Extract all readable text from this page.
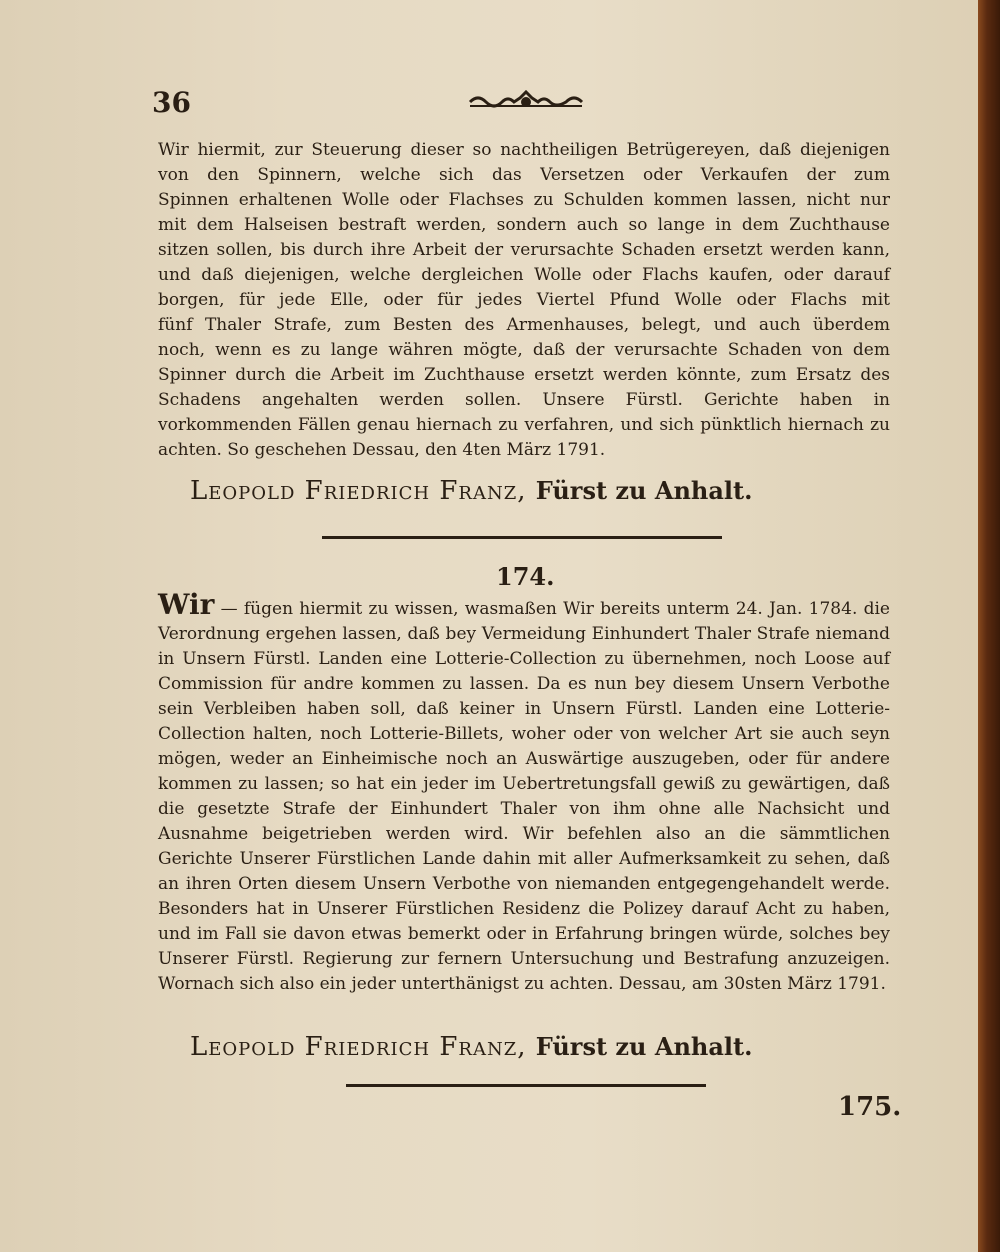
36
Wir hiermit, zur Steuerung dieser so nachtheiligen Betrügereyen, daß diejenigen von den Spinnern, welche sich das Versetzen oder Verkaufen der zum
Spinnen erhaltenen Wolle oder Flachses zu Schulden kommen lassen, nicht nur
mit dem Halseisen bestraft werden, sondern auch so lange in dem Zuchthause
sitzen sollen, bis durch ihre Arbeit der verursachte Schaden ersetzt werden kann,
und daß diejenigen, welche dergleichen Wolle oder Flachs kaufen, oder darauf
borgen, für jede Elle, oder für jedes Viertel Pfund Wolle oder Flachs mit
fünf Thaler Strafe, zum Besten des Armenhauses, belegt, und auch überdem
noch, wenn es zu lange währen mögte, daß der verursachte Schaden von dem
Spinner durch die Arbeit im Zuchthause ersetzt werden könnte, zum Ersatz des
Schadens angehalten werden sollen. Unsere Fürstl. Gerichte haben in vorkommenden Fällen genau hiernach zu verfahren, und sich pünktlich hiernach zu achten. So geschehen Dessau, den 4ten März 1791.
Leopold Friedrich Franz, Fürst zu Anhalt.
174.
Wir — fügen hiermit zu wissen, wasmaßen Wir bereits unterm 24. Jan. 1784. die Verordnung ergehen lassen, daß bey Vermeidung Einhundert Thaler Strafe niemand in Unsern Fürstl. Landen eine Lotterie-Collection zu übernehmen, noch Loose auf Commission für andre kommen zu lassen. Da es nun bey diesem Unsern Verbothe sein Verbleiben haben soll, daß keiner in Unsern Fürstl. Landen eine Lotterie-Collection halten, noch Lotterie-Billets, woher oder von welcher Art sie auch seyn mögen, weder an Einheimische noch an Auswärtige auszugeben, oder für andere kommen zu lassen; so hat ein jeder im Uebertretungsfall gewiß zu gewärtigen, daß die gesetzte Strafe der Einhundert Thaler von ihm ohne alle Nachsicht und Ausnahme beigetrieben werden wird. Wir befehlen also an die sämmtlichen Gerichte Unserer Fürstlichen Lande dahin mit aller Aufmerksamkeit zu sehen, daß an ihren Orten diesem Unsern Verbothe von niemanden entgegengehandelt werde. Besonders hat in Unserer Fürstlichen Residenz die Polizey darauf Acht zu haben, und im Fall sie davon etwas bemerkt oder in Erfahrung bringen würde, solches bey Unserer Fürstl. Regierung zur fernern Untersuchung und Bestrafung anzuzeigen. Wornach sich also ein jeder unterthänigst zu achten. Dessau, am 30sten März 1791.
Leopold Friedrich Franz, Fürst zu Anhalt.
175.
